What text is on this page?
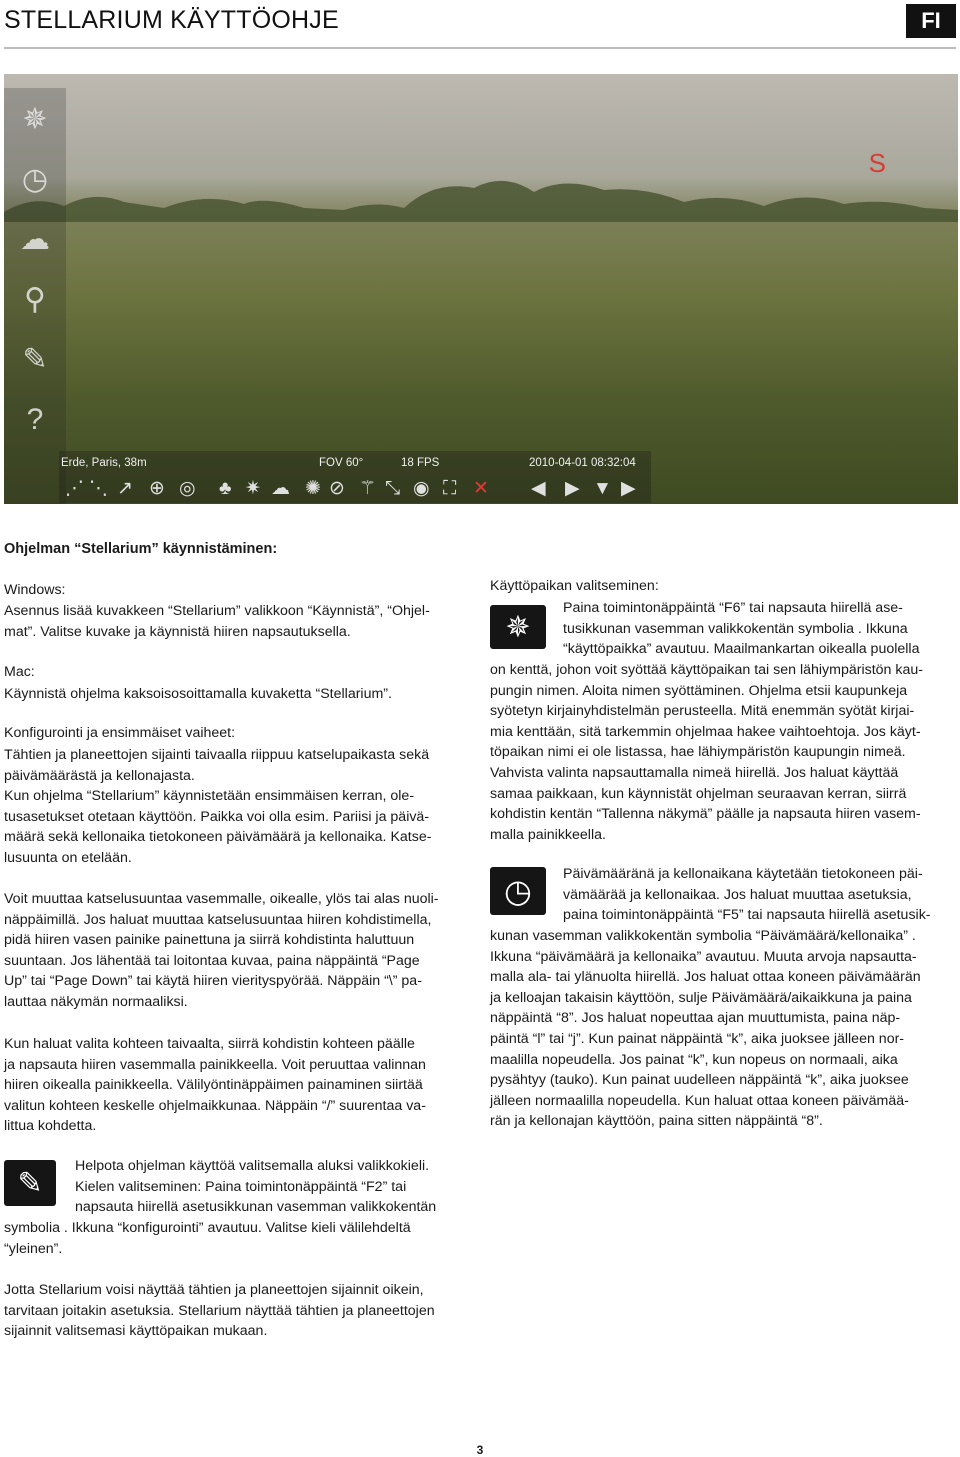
STELLARIUM KÄYTTÖOHJE	FI
S
✵
◷
☁
⚲
✎
?
Erde, Paris, 38m	FOV 60°	18 FPS	2010-04-01 08:32:04
⋰ ⋱ ↗ ⊕ ◎ ♣ ✷ ☁ ✺ ⊘ ⚚ ⤡ ◉ ⛶ ✕ ◀ ▶ ▼ ▶
Ohjelman “Stellarium” käynnistäminen:
Windows:
Asennus lisää kuvakkeen “Stellarium” valikkoon “Käynnistä”, “Ohjel-
mat”. Valitse kuvake ja käynnistä hiiren napsautuksella.
Mac:
Käynnistä ohjelma kaksoisosoittamalla kuvaketta “Stellarium”.
Konfigurointi ja ensimmäiset vaiheet:
Tähtien ja planeettojen sijainti taivaalla riippuu katselupaikasta sekä
päivämäärästä ja kellonajasta.
Kun ohjelma “Stellarium” käynnistetään ensimmäisen kerran, ole-
tusasetukset otetaan käyttöön. Paikka voi olla esim. Pariisi ja päivä-
määrä sekä kellonaika tietokoneen päivämäärä ja kellonaika. Katse-
lusuunta on etelään.
Voit muuttaa katselusuuntaa vasemmalle, oikealle, ylös tai alas nuoli-
näppäimillä. Jos haluat muuttaa katselusuuntaa hiiren kohdistimella,
pidä hiiren vasen painike painettuna ja siirrä kohdistinta haluttuun
suuntaan. Jos lähentää tai loitontaa kuvaa, paina näppäintä “Page
Up” tai “Page Down” tai käytä hiiren vierityspyörää. Näppäin “\” pa-
lauttaa näkymän normaaliksi.
Kun haluat valita kohteen taivaalta, siirrä kohdistin kohteen päälle
ja napsauta hiiren vasemmalla painikkeella. Voit peruuttaa valinnan
hiiren oikealla painikkeella. Välilyöntinäppäimen painaminen siirtää
valitun kohteen keskelle ohjelmaikkunaa. Näppäin “/” suurentaa va-
littua kohdetta.
✎
Helpota ohjelman käyttöä valitsemalla aluksi valikkokieli.
Kielen valitseminen: Paina toimintonäppäintä “F2” tai
napsauta hiirellä asetusikkunan vasemman valikkokentän
symbolia . Ikkuna “konfigurointi” avautuu. Valitse kieli välilehdeltä
“yleinen”.
Jotta Stellarium voisi näyttää tähtien ja planeettojen sijainnit oikein,
tarvitaan joitakin asetuksia. Stellarium näyttää tähtien ja planeettojen
sijainnit valitsemasi käyttöpaikan mukaan.
Käyttöpaikan valitseminen:
✵
Paina toimintonäppäintä “F6” tai napsauta hiirellä ase-
tusikkunan vasemman valikkokentän symbolia . Ikkuna
“käyttöpaikka” avautuu. Maailmankartan oikealla puolella
on kenttä, johon voit syöttää käyttöpaikan tai sen lähiympäristön kau-
pungin nimen. Aloita nimen syöttäminen. Ohjelma etsii kaupunkeja
syötetyn kirjainyhdistelmän perusteella. Mitä enemmän syötät kirjai-
mia kenttään, sitä tarkemmin ohjelmaa hakee vaihtoehtoja. Jos käyt-
töpaikan nimi ei ole listassa, hae lähiympäristön kaupungin nimeä.
Vahvista valinta napsauttamalla nimeä hiirellä. Jos haluat käyttää
samaa paikkaan, kun käynnistät ohjelman seuraavan kerran, siirrä
kohdistin kentän “Tallenna näkymä” päälle ja napsauta hiiren vasem-
malla painikkeella.
◷	Päivämääränä ja kellonaikana käytetään tietokoneen päi-
vämäärää ja kellonaikaa. Jos haluat muuttaa asetuksia,
paina toimintonäppäintä “F5” tai napsauta hiirellä asetusik-
kunan vasemman valikkokentän symbolia “Päivämäärä/kellonaika” .
Ikkuna “päivämäärä ja kellonaika” avautuu. Muuta arvoja napsautta-
malla ala- tai ylänuolta hiirellä. Jos haluat ottaa koneen päivämäärän
ja kelloajan takaisin käyttöön, sulje Päivämäärä/aikaikkuna ja paina
näppäintä “8”. Jos haluat nopeuttaa ajan muuttumista, paina näp-
päintä “l” tai “j”. Kun painat näppäintä “k”, aika juoksee jälleen nor-
maalilla nopeudella. Jos painat “k”, kun nopeus on normaali, aika
pysähtyy (tauko). Kun painat uudelleen näppäintä “k”, aika juoksee
jälleen normaalilla nopeudella. Kun haluat ottaa koneen päivämää-
rän ja kellonajan käyttöön, paina sitten näppäintä “8”.
3
